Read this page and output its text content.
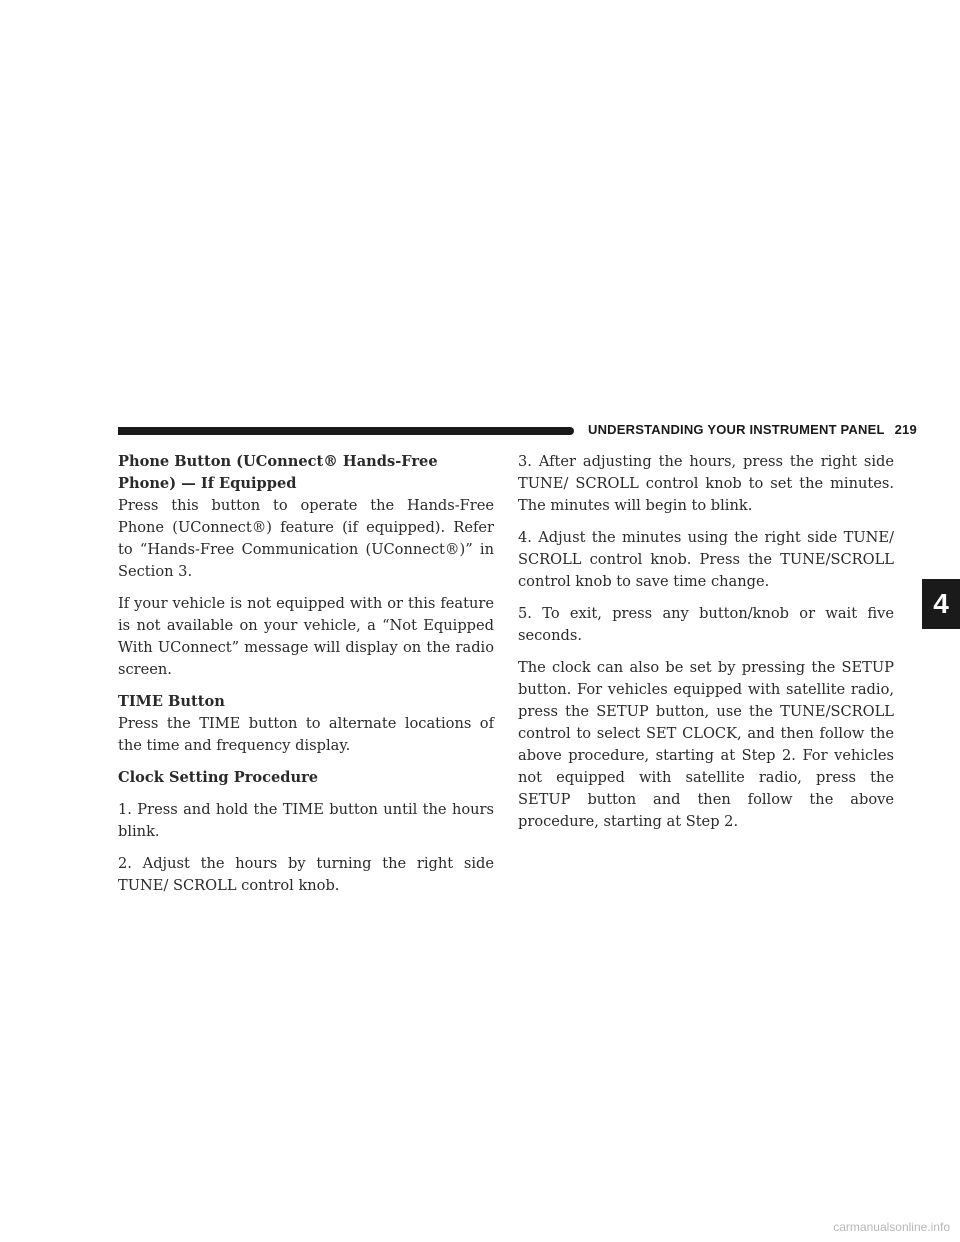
UNDERSTANDING YOUR INSTRUMENT PANEL 219
Phone Button (UConnect® Hands-Free Phone) — If Equipped

Press this button to operate the Hands-Free Phone (UConnect®) feature (if equipped). Refer to “Hands-Free Communication (UConnect®)” in Section 3.

If your vehicle is not equipped with or this feature is not available on your vehicle, a “Not Equipped With UConnect” message will display on the radio screen.

TIME Button

Press the TIME button to alternate locations of the time and frequency display.

Clock Setting Procedure

1. Press and hold the TIME button until the hours blink.

2. Adjust the hours by turning the right side TUNE/ SCROLL control knob.

3. After adjusting the hours, press the right side TUNE/ SCROLL control knob to set the minutes. The minutes will begin to blink.

4. Adjust the minutes using the right side TUNE/ SCROLL control knob. Press the TUNE/SCROLL control knob to save time change.

5. To exit, press any button/knob or wait five seconds.

The clock can also be set by pressing the SETUP button. For vehicles equipped with satellite radio, press the SETUP button, use the TUNE/SCROLL control to select SET CLOCK, and then follow the above procedure, starting at Step 2. For vehicles not equipped with satellite radio, press the SETUP button and then follow the above procedure, starting at Step 2.

4
carmanualsonline.info
